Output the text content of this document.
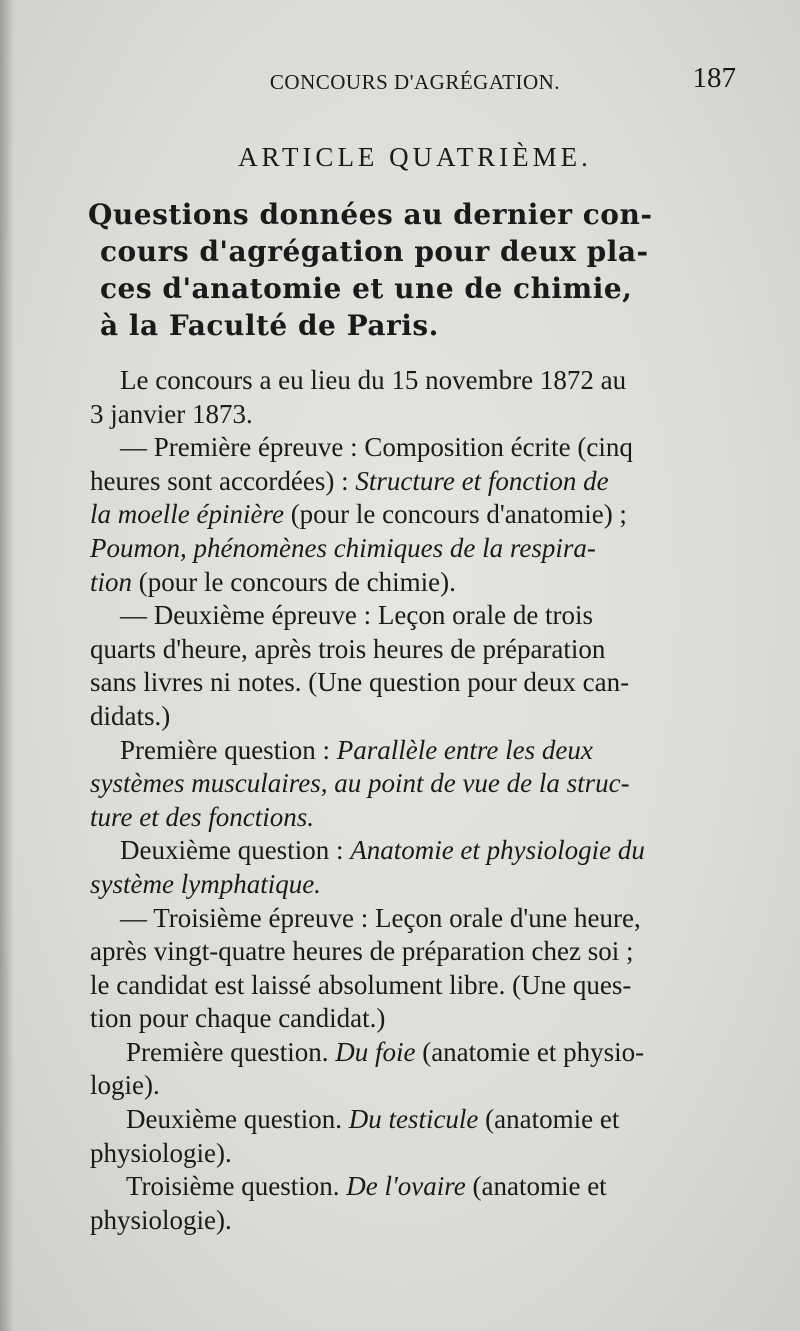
CONCOURS D'AGRÉGATION.	187
ARTICLE QUATRIÈME.
Questions données au dernier con-
cours d'agrégation pour deux pla-
ces d'anatomie et une de chimie,
à la Faculté de Paris.
Le concours a eu lieu du 15 novembre 1872 au
3 janvier 1873.
— Première épreuve : Composition écrite (cinq
heures sont accordées) : Structure et fonction de
la moelle épinière (pour le concours d'anatomie) ;
Poumon, phénomènes chimiques de la respira-
tion (pour le concours de chimie).
— Deuxième épreuve : Leçon orale de trois
quarts d'heure, après trois heures de préparation
sans livres ni notes. (Une question pour deux can-
didats.)
Première question : Parallèle entre les deux
systèmes musculaires, au point de vue de la struc-
ture et des fonctions.
Deuxième question : Anatomie et physiologie du
système lymphatique.
— Troisième épreuve : Leçon orale d'une heure,
après vingt-quatre heures de préparation chez soi ;
le candidat est laissé absolument libre. (Une ques-
tion pour chaque candidat.)
Première question. Du foie (anatomie et physio-
logie).
Deuxième question. Du testicule (anatomie et
physiologie).
Troisième question. De l'ovaire (anatomie et
physiologie).
